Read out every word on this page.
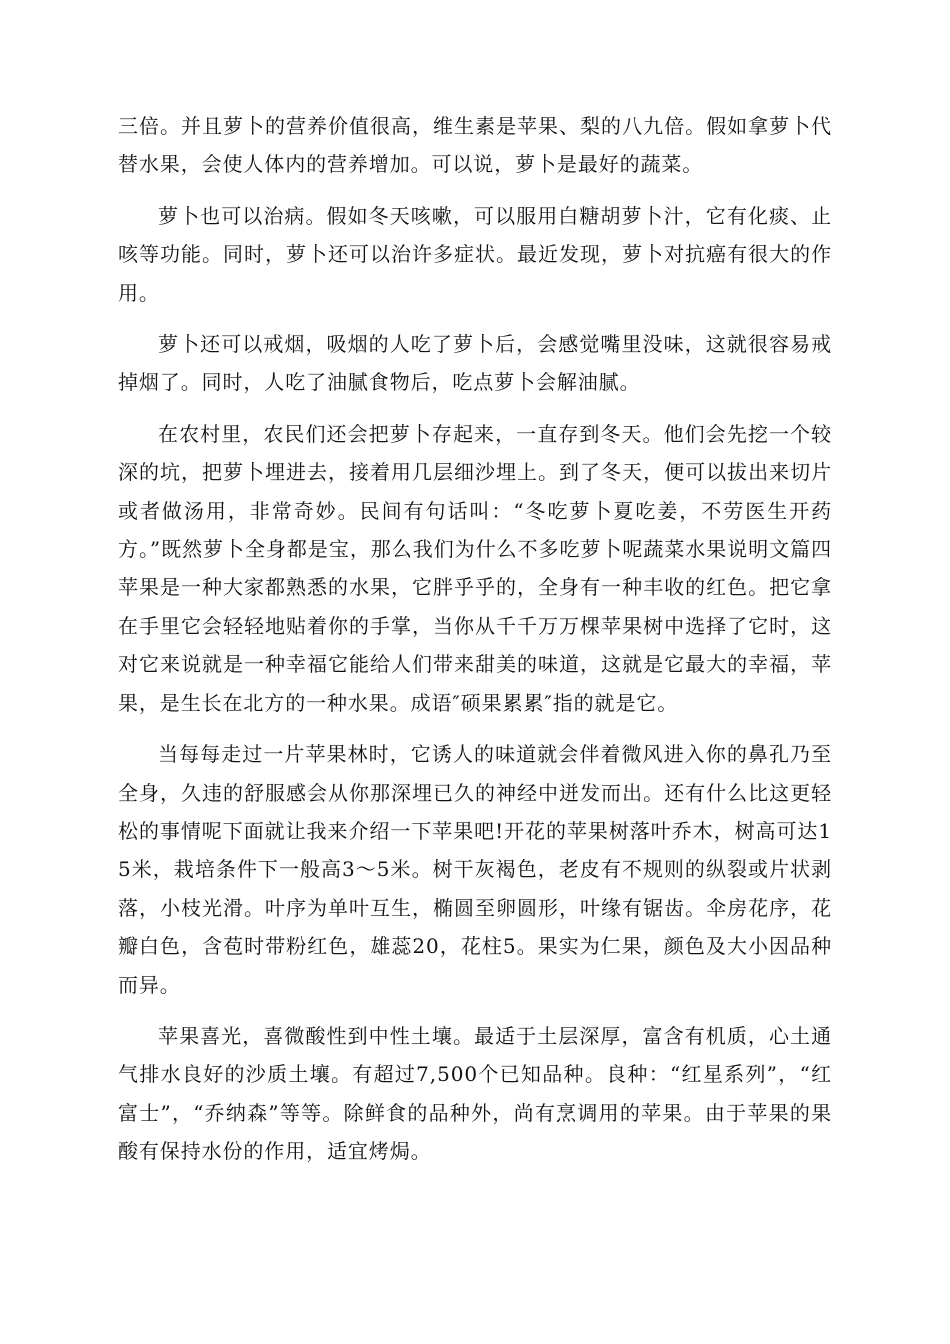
三倍。并且萝卜的营养价值很高，维生素是苹果、梨的八九倍。假如拿萝卜代替水果，会使人体内的营养增加。可以说，萝卜是最好的蔬菜。

萝卜也可以治病。假如冬天咳嗽，可以服用白糖胡萝卜汁，它有化痰、止咳等功能。同时，萝卜还可以治许多症状。最近发现，萝卜对抗癌有很大的作用。

萝卜还可以戒烟，吸烟的人吃了萝卜后，会感觉嘴里没味，这就很容易戒掉烟了。同时，人吃了油腻食物后，吃点萝卜会解油腻。

在农村里，农民们还会把萝卜存起来，一直存到冬天。他们会先挖一个较深的坑，把萝卜埋进去，接着用几层细沙埋上。到了冬天，便可以拔出来切片或者做汤用，非常奇妙。民间有句话叫：“冬吃萝卜夏吃姜，不劳医生开药方。”既然萝卜全身都是宝，那么我们为什么不多吃萝卜呢蔬菜水果说明文篇四苹果是一种大家都熟悉的水果，它胖乎乎的，全身有一种丰收的红色。把它拿在手里它会轻轻地贴着你的手掌，当你从千千万万棵苹果树中选择了它时，这对它来说就是一种幸福它能给人们带来甜美的味道，这就是它最大的幸福，苹果，是生长在北方的一种水果。成语″硕果累累″指的就是它。

当每每走过一片苹果林时，它诱人的味道就会伴着微风进入你的鼻孔乃至全身，久违的舒服感会从你那深埋已久的神经中迸发而出。还有什么比这更轻松的事情呢下面就让我来介绍一下苹果吧!开花的苹果树落叶乔木，树高可达15米，栽培条件下一般高3～5米。树干灰褐色，老皮有不规则的纵裂或片状剥落，小枝光滑。叶序为单叶互生，椭圆至卵圆形，叶缘有锯齿。伞房花序，花瓣白色，含苞时带粉红色，雄蕊20，花柱5。果实为仁果，颜色及大小因品种而异。

苹果喜光，喜微酸性到中性土壤。最适于土层深厚，富含有机质，心土通气排水良好的沙质土壤。有超过7,500个已知品种。良种：“红星系列”，“红富士”，“乔纳森”等等。除鲜食的品种外，尚有烹调用的苹果。由于苹果的果酸有保持水份的作用，适宜烤焗。
